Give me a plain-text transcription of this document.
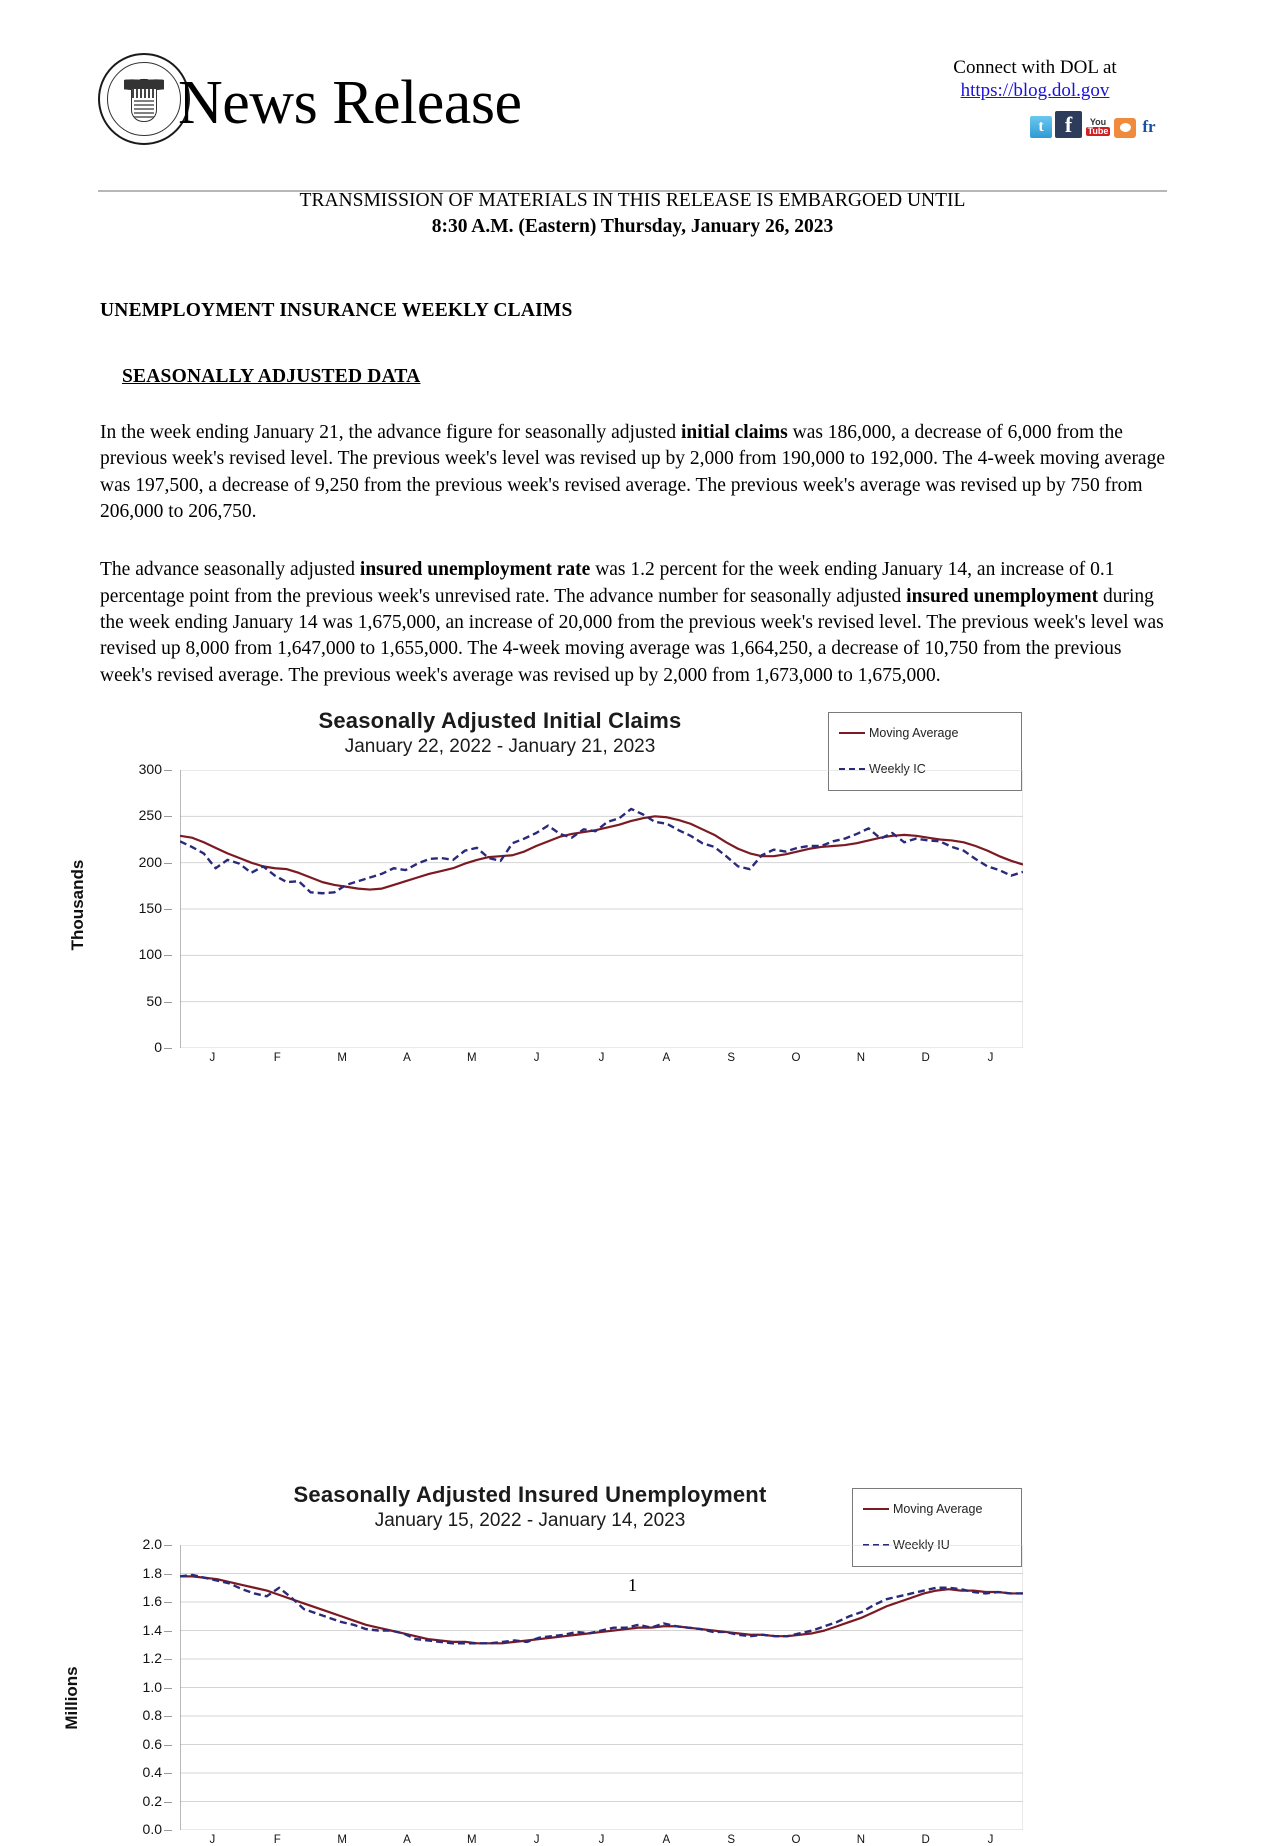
News Release
Connect with DOL at
https://blog.dol.gov
t
f
You
Tube
fr
TRANSMISSION OF MATERIALS IN THIS RELEASE IS EMBARGOED UNTIL
8:30 A.M. (Eastern) Thursday, January 26, 2023
UNEMPLOYMENT INSURANCE WEEKLY CLAIMS
SEASONALLY ADJUSTED DATA

In the week ending January 21, the advance figure for seasonally adjusted initial claims was 186,000, a decrease of 6,000 from the previous week's revised level. The previous week's level was revised up by 2,000 from 190,000 to 192,000. The 4-week moving average was 197,500, a decrease of 9,250 from the previous week's revised average. The previous week's average was revised up by 750 from 206,000 to 206,750.

The advance seasonally adjusted insured unemployment rate was 1.2 percent for the week ending January 14, an increase of 0.1 percentage point from the previous week's unrevised rate. The advance number for seasonally adjusted insured unemployment during the week ending January 14 was 1,675,000, an increase of 20,000 from the previous week's revised level. The previous week's level was revised up 8,000 from 1,647,000 to 1,655,000. The 4-week moving average was 1,664,250, a decrease of 10,750 from the previous week's revised average. The previous week's average was revised up by 2,000 from 1,673,000 to 1,675,000.

Seasonally Adjusted Initial Claims
January 22, 2022 - January 21, 2023
Moving Average
Weekly IC
Thousands
0
50
100
150
200
250
300
J	F	M	A	M	J	J	A	S	O	N	D	J
Seasonally Adjusted Insured Unemployment
January 15, 2022 - January 14, 2023
Moving Average
Weekly IU
Millions
0.0
0.2
0.4
0.6
0.8
1.0
1.2
1.4
1.6
1.8
2.0
J	F	M	A	M	J	J	A	S	O	N	D	J
1
